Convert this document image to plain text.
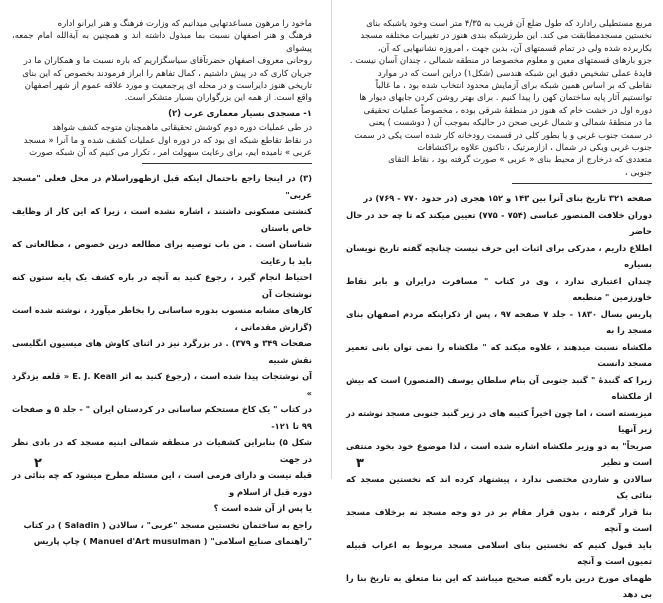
ماخود را مرهون مساعدتهایی میدانیم که وزارت فرهنگ و هنر ایرانو اداره

فرهنگ و هنر اصفهان نسبت بما مبذول داشته اند و همچنین به آیةالله امام جمعه، پیشوای

روحانی معروف اصفهان حضرتآقای سیاسگزاریم که باره نسبت ما و همکاران ما در

جریان کاری که در پیش داشتیم ، کمال تفاهم را ابراز فرمودند بخصوص که این بنای

تاریخی هنوز دایراست و در محله ای پرجمعیت و مورد علاقه عموم از شهر اصفهان

واقع است. از همه این بزرگواران بسیار متشکر است.

۱- مسجدی بسیار معماری عرب (۲)

در طی عملیات دوره دوم کوشش تحقیقاتی ماهمچنان متوجه کشف شواهد

در نقاط تقاطع شبکه ای بود که در دوره اول عملیات کشف شده و ما آنرا « مسجد

عربی » نامیده ایم، برای رعایت سهولت امر ، تکرار می کنیم که آن شبکه صورت

(۳) در اینجا راجع باحتمال اینکه قبل ازظهوراسلام در محل فعلی "مسجد عربی"

کنشتی مسکونی داشتند ، اشاره نشده است ، زیرا که این کار از وظایف خاص باستان

شناسان است . من باب توصیه برای مطالعه درین خصوص ، مطالعاتی که باید با رعایت

احتیاط انجام گیرد ، رجوع کنید به آنچه در باره کشف یک پایه ستون کنه نوشتجات آن

کارهای مشابه منسوب بدوره ساسانی را بخاطر میآورد ، نوشته شده است (گزارش مقدماتی ،

صفحات ۳۴۹ و ۳۷۹) . در بزرگرد نیز در اثنای کاوش های میسیون انگلیسی نقش شبیه

آن نوشتجات پیدا شده است ، (رجوع کنید به اثر E. J. Keall « قلعه یزدگرد »

در کتاب " یک کاخ مستحکم ساسانی در کردستان ایران " - جلد ۵ و صفحات ۹۹ تا ۱۲۱-

شکل ۵) بنابراین کشفیات در منطقه شمالی ابنیه مسجد که در بادی نظر در جهت

قبله نیست و دارای فرمی است ، این مسئله مطرح میشود که چه بنائی در دوره قبل از اسلام و

یا پس از آن شده است ؟

راجع به ساختمان نخستین مسجد "عربی" ، سالادن ( Saladin ) در کتاب

"راهنمای صنایع اسلامی" ( Manuel d'Art musulman ) چاپ پاریس

۲

مربع مستطیلی رادارد که طول ضلع آن قریب به ۴/۳۵ متر است وخود یاشبکه بنای

نخستین مسجدمطابقت می کند. این طرزشبکه بندی هنوز در تغییرات مختلفه مسجد

بکاربرده شده ولی در تمام قسمتهای آن، بدین جهت ، امروزه نشانیهایی که آن،

جزو بارهای قسمتهای معین و معلوم مخصوصا در منطقه شمالی ، چندان آسان نیست .

فایدهٔ عملی تشخیص دقیق این شبکه هندسی (شکل۱) دراین است که در موارد

نقاطی که بر اساس همین شبکه برای آزمایش محدود انتخاب شده بود ، ما غالباً

توانستیم آثار پایه ساختمان کهن را پیدا کنیم . برای بهتر روشن کردن جایهای دیوار ها

دوره اول در خشت خام که هنوز در منطقهٔ شرقی بوده ، مخصوصاً عملیات تحقیقی

ما در منطقهٔ شمالی و شمال غربی صحن در حالیکه بموجب آن ( دوشست ) یعنی

در سمت جنوب غربی و یا بطور کلی در قسمت رودخانه کار شده است یکی در سمت

جنوب غربی ویکی در شمال ، ازازمرتیک ، تاکنون علاوه براکتشافات

متعددی که درخارج از محیط بنای « عربی » صورت گرفته بود ، نقاط التقای

جنوبی ،

صفحه ۳۲۱ تاریخ بنای آنرا بین ۱۴۳ و ۱۵۲ هجری (در حدود ۷۷۰ - ۷۶۹) در

دوران خلافت المنصور عباسی (۷۵۴ - ۷۷۵) تعیین میکند که تا چه حد در حال حاضر

اطلاع داریم ، مدرکی برای اثبات این حرف نیست چنانچه گفته تاریخ نویسان بسیاره

چندان اعتباری ندارد ، وی در کتاب " مسافرت درایران و بابر نقاط خاورزمین " منطبعه

پاریس بسال ۱۸۳۰ - جلد ۷ صفحه ۹۷ ، پس از ذکراینکه مردم اصفهان بنای مسجد را به

ملکشاه نسبت میدهند ، علاوه میکند که " ملکشاه را نمی توان بانی تعمیر مسجد دانست

زیرا که گنبدهٔ " گنبد جنوبی آن بنام سلطان یوسف (المنصور) است که بیش از ملکشاه

میزیسته است ، اما چون اخیراً کتیبه های در زیر گنبد جنوبی مسجد نوشته در زیر آنهیا

صریحاً" به دو وزیر ملکشاه اشاره شده است ، لذا موضوع خود بخود منتفی است و نظیر

سالادن و شاردن مختصی ندارد ، پیشنهاد کرده اند که نخستین مسجد که بنائی یک

بنا قرار گرفته ، بدون قرار مقام بر در دو وجه مسجد نه برخلاف مسجد است و آنچه

باید قبول کنیم که نخستین بنای اسلامی مسجد مربوط به اعراب قبیله تمیون است و آنچه

ظهمای مورخ درین باره گفته صحیح میباشد که این بنا متعلق به تاریخ بنا را بی دهد

۳
